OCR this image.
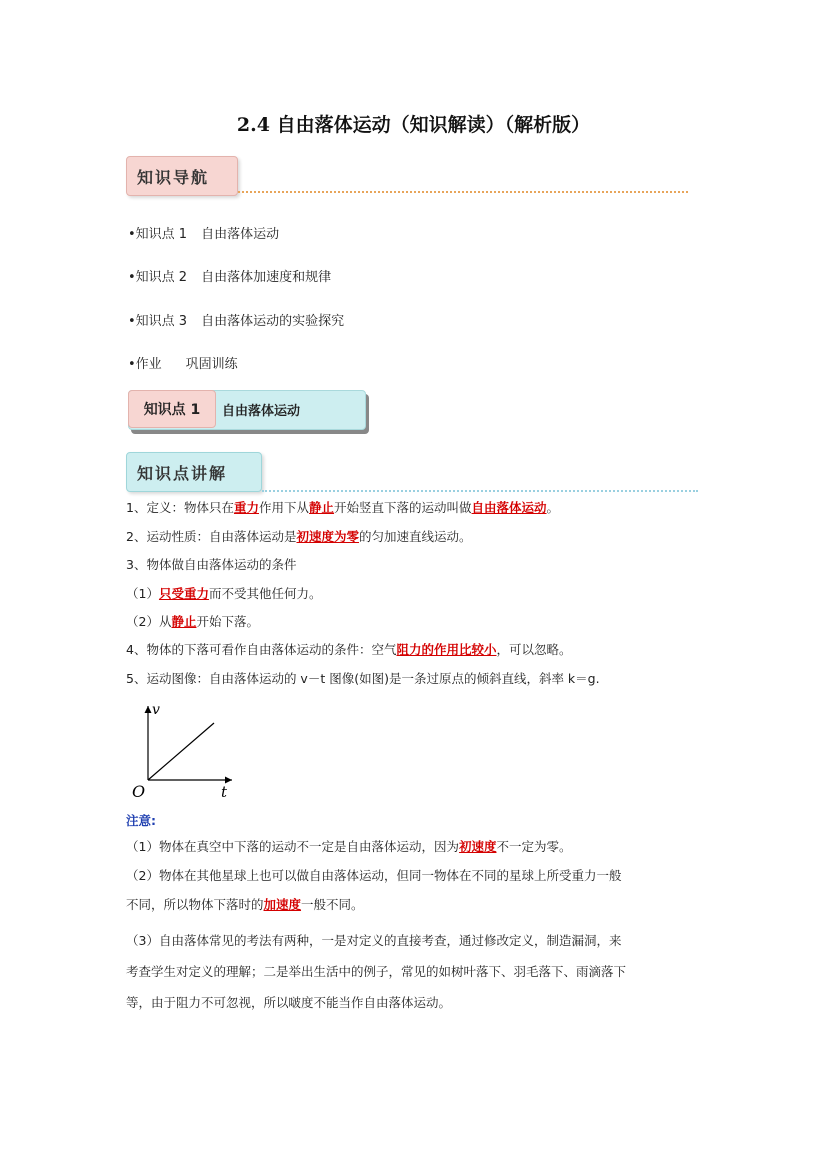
2.4 自由落体运动（知识解读）（解析版）
知识导航
•知识点 1 自由落体运动
•知识点 2 自由落体加速度和规律
•知识点 3 自由落体运动的实验探究
•作业 巩固训练
知识点 1	自由落体运动
知识点讲解
1、定义：物体只在重力作用下从静止开始竖直下落的运动叫做自由落体运动。
2、运动性质：自由落体运动是初速度为零的匀加速直线运动。
3、物体做自由落体运动的条件
（1）只受重力而不受其他任何力。
（2）从静止开始下落。
4、物体的下落可看作自由落体运动的条件：空气阻力的作用比较小，可以忽略。
5、运动图像：自由落体运动的 v－t 图像(如图)是一条过原点的倾斜直线，斜率 k＝g.
v
t
O
注意:
（1）物体在真空中下落的运动不一定是自由落体运动，因为初速度不一定为零。
（2）物体在其他星球上也可以做自由落体运动，但同一物体在不同的星球上所受重力一般
不同，所以物体下落时的加速度一般不同。
（3）自由落体常见的考法有两种，一是对定义的直接考查，通过修改定义，制造漏洞，来
考查学生对定义的理解；二是举出生活中的例子，常见的如树叶落下、羽毛落下、雨滴落下
等，由于阻力不可忽视，所以啵度不能当作自由落体运动。
